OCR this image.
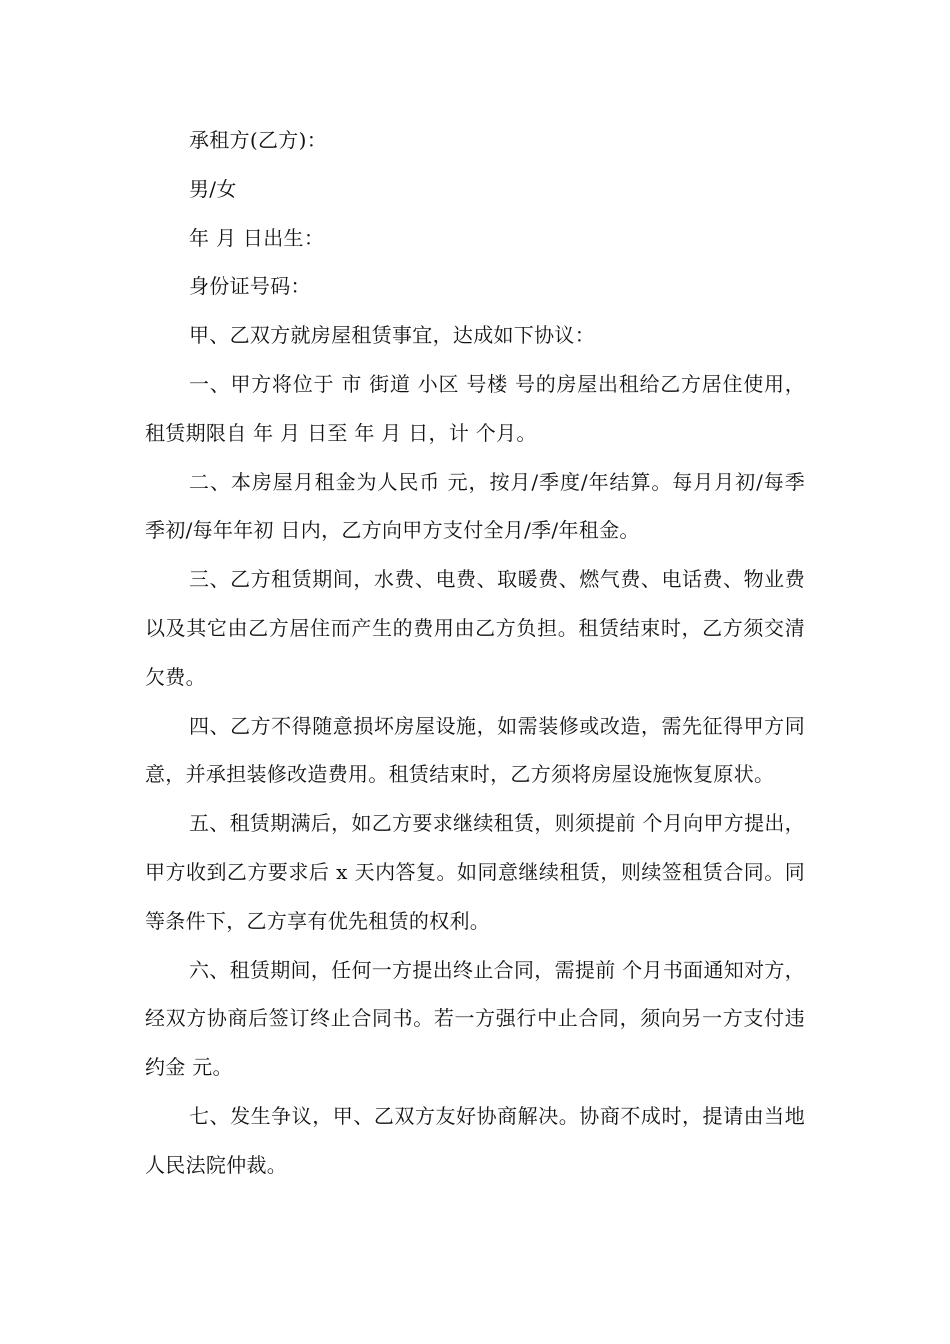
承租方(乙方)：

男/女

年 月 日出生：

身份证号码：

甲、乙双方就房屋租赁事宜，达成如下协议：

一、甲方将位于 市 街道 小区 号楼 号的房屋出租给乙方居住使用，租赁期限自 年 月 日至 年 月 日，计 个月。

二、本房屋月租金为人民币 元，按月/季度/年结算。每月月初/每季季初/每年年初 日内，乙方向甲方支付全月/季/年租金。

三、乙方租赁期间，水费、电费、取暖费、燃气费、电话费、物业费以及其它由乙方居住而产生的费用由乙方负担。租赁结束时，乙方须交清欠费。

四、乙方不得随意损坏房屋设施，如需装修或改造，需先征得甲方同意，并承担装修改造费用。租赁结束时，乙方须将房屋设施恢复原状。

五、租赁期满后，如乙方要求继续租赁，则须提前 个月向甲方提出，甲方收到乙方要求后 x 天内答复。如同意继续租赁，则续签租赁合同。同等条件下，乙方享有优先租赁的权利。

六、租赁期间，任何一方提出终止合同，需提前 个月书面通知对方，经双方协商后签订终止合同书。若一方强行中止合同，须向另一方支付违约金 元。

七、发生争议，甲、乙双方友好协商解决。协商不成时，提请由当地人民法院仲裁。
